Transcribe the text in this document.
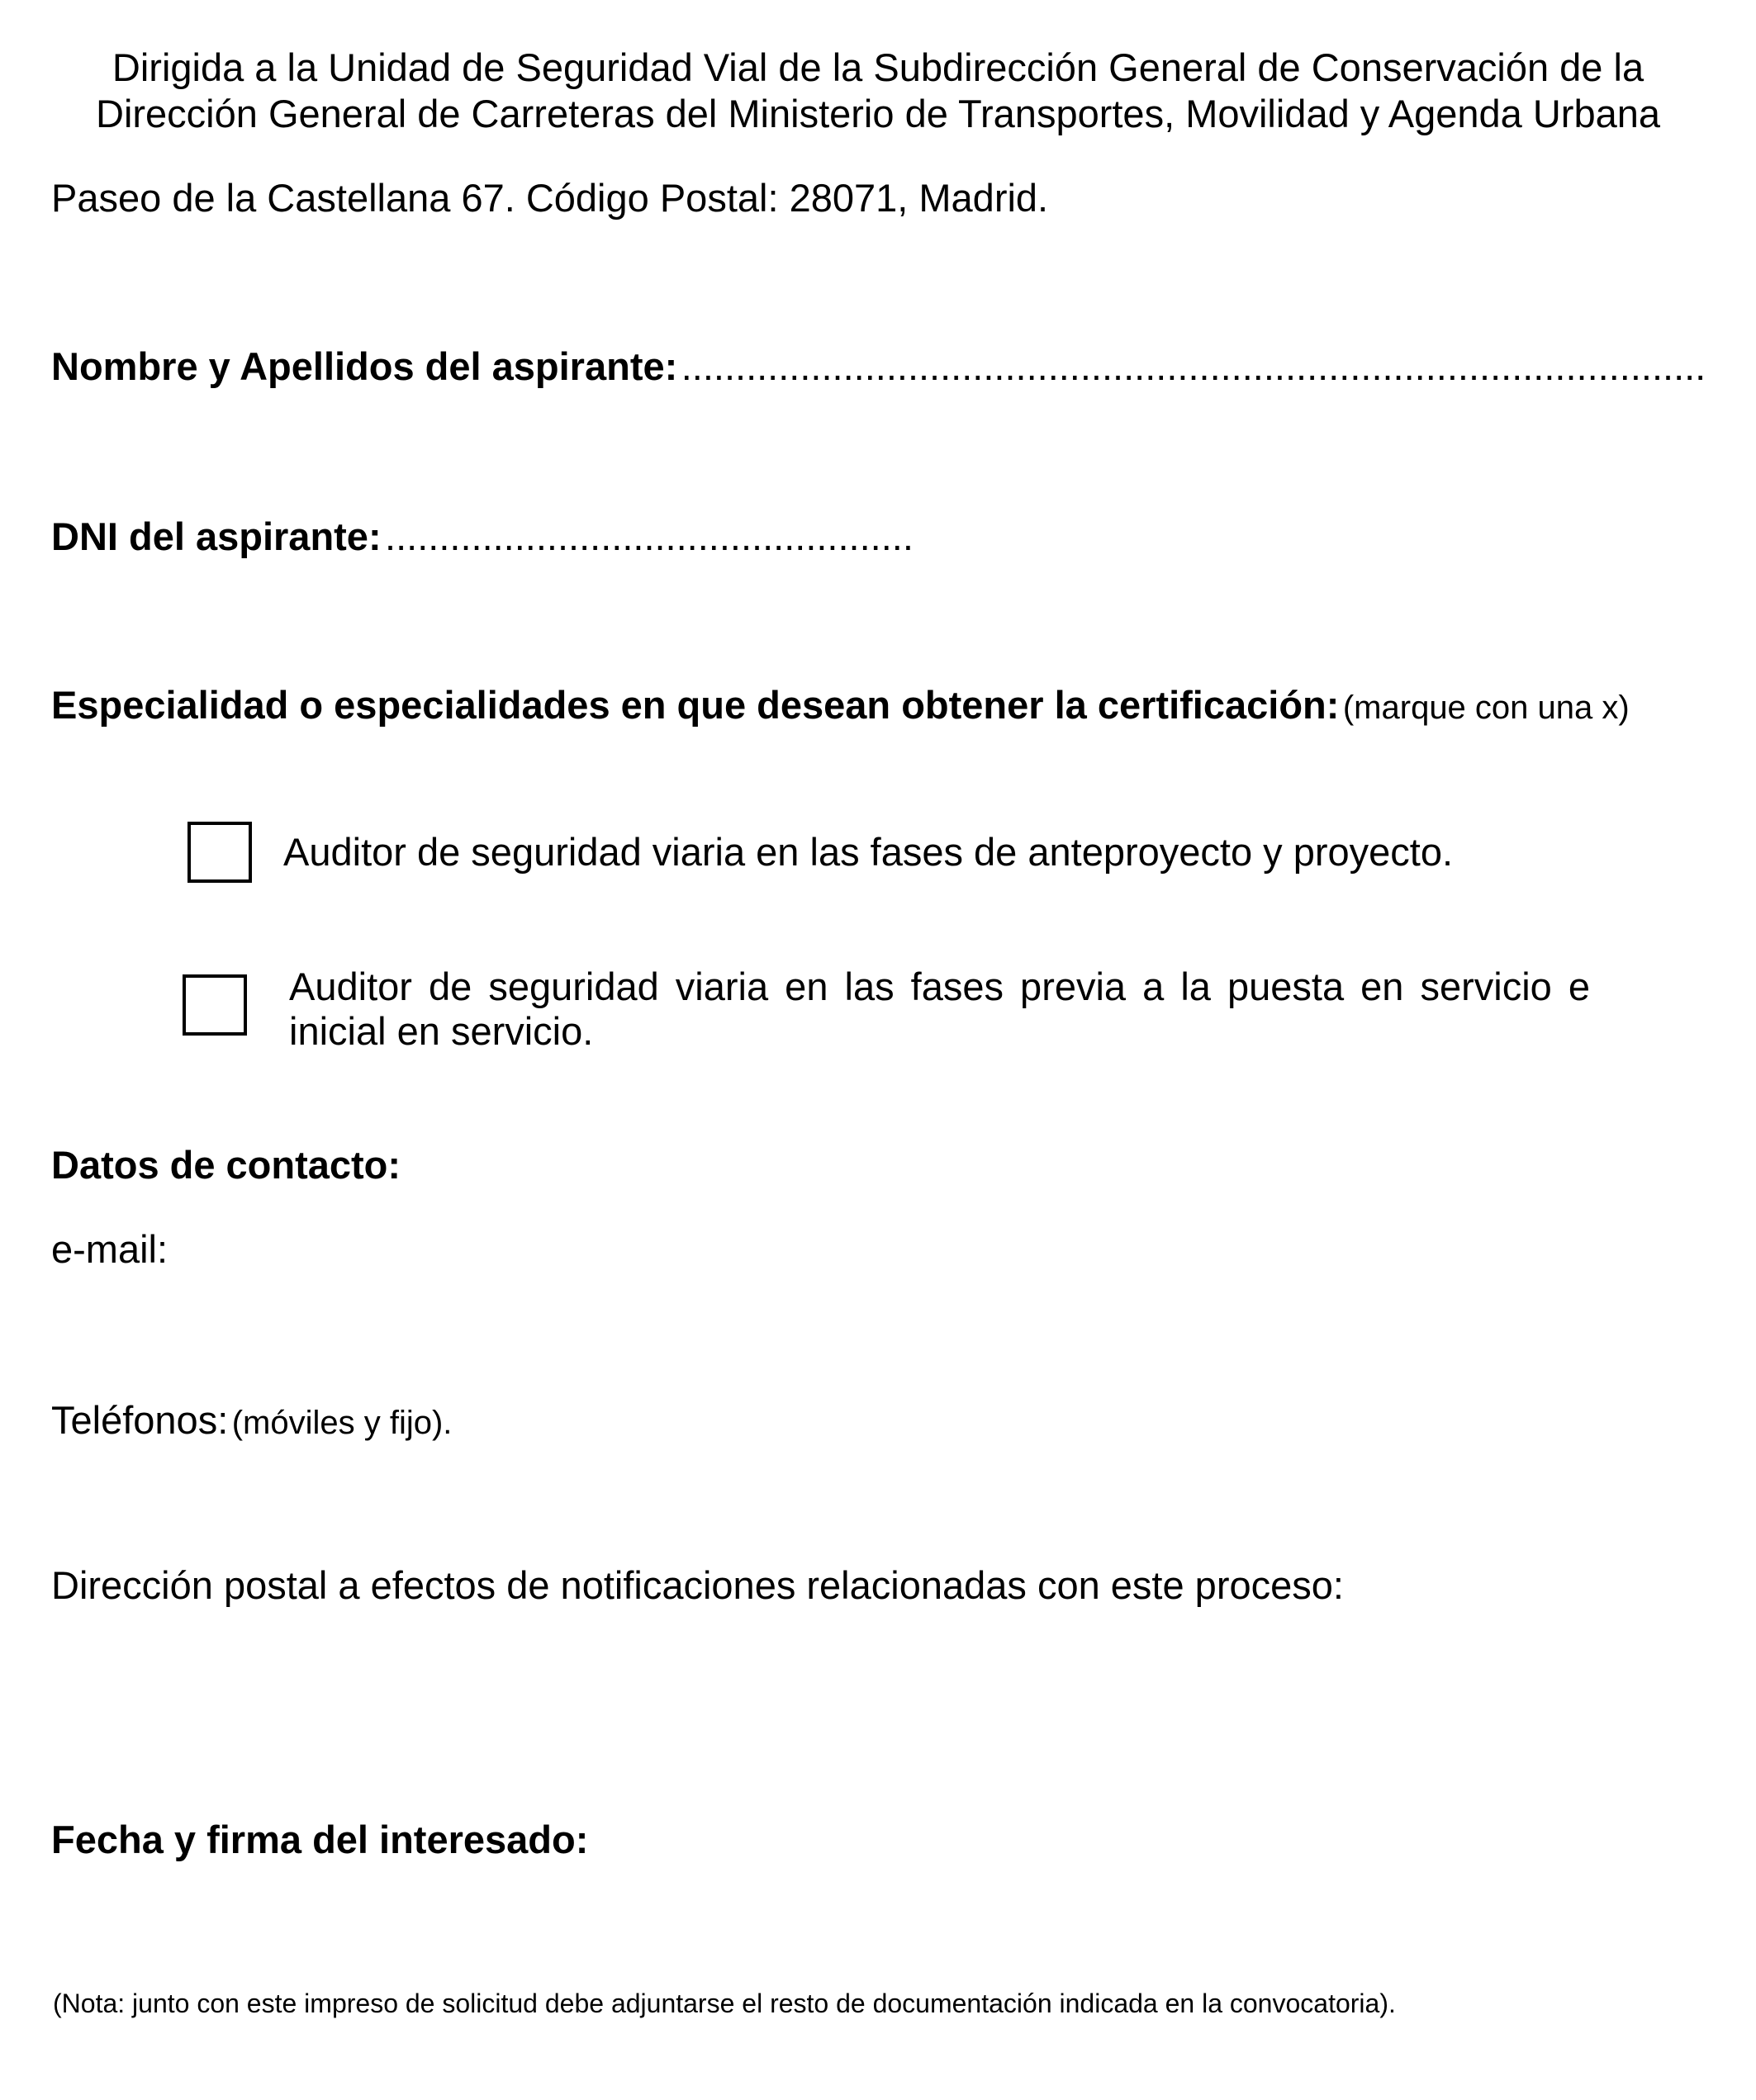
Dirigida a la Unidad de Seguridad Vial de la Subdirección General de Conservación de la
Dirección General de Carreteras del Ministerio de Transportes, Movilidad y Agenda Urbana
Paseo de la Castellana 67. Código Postal: 28071, Madrid.
Nombre y Apellidos del aspirante: ...............................................................................................
DNI del aspirante: .................................................
Especialidad o especialidades en que desean obtener la certificación: (marque con una x)
Auditor de seguridad viaria en las fases de anteproyecto y proyecto.
Auditor de seguridad viaria en las fases previa a la puesta en servicio e inicial en servicio.
Datos de contacto:
e-mail:
Teléfonos: (móviles y fijo).
Dirección postal a efectos de notificaciones relacionadas con este proceso:
Fecha y firma del interesado:
(Nota: junto con este impreso de solicitud debe adjuntarse el resto de documentación indicada en la convocatoria).
